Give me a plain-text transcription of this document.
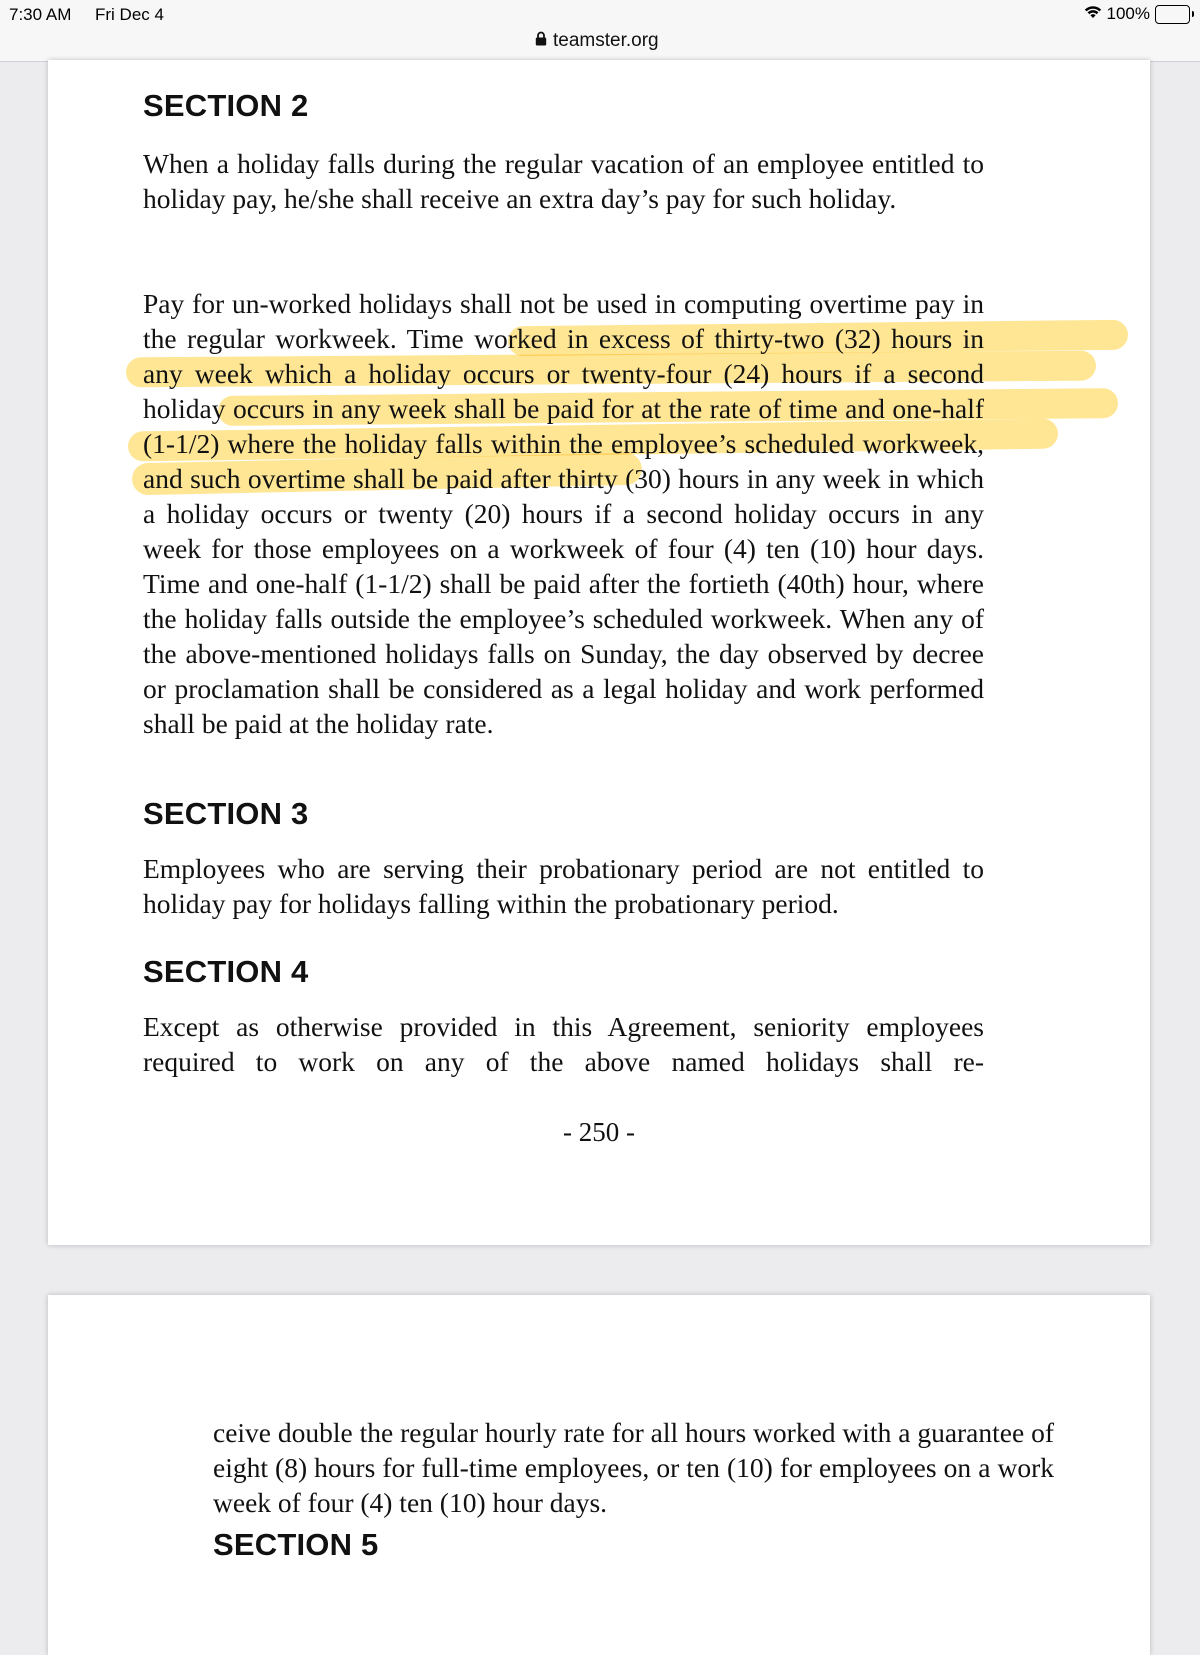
7:30 AM Fri Dec 4	100%
teamster.org
SECTION 2

When a holiday falls during the regular vacation of an employee entitled to holiday pay, he/she shall receive an extra day’s pay for such holiday.

Pay for un-worked holidays shall not be used in computing overtime pay in the regular workweek. Time worked in excess of thirty-two (32) hours in any week which a holiday occurs or twenty-four (24) hours if a second holiday occurs in any week shall be paid for at the rate of time and one-half (1-1/2) where the holiday falls within the employee’s scheduled workweek, and such overtime shall be paid after thirty (30) hours in any week in which a holiday occurs or twenty (20) hours if a second holiday occurs in any week for those employees on a workweek of four (4) ten (10) hour days. Time and one-half (1-1/2) shall be paid after the fortieth (40th) hour, where the holiday falls outside the employee’s scheduled workweek. When any of the above-mentioned holidays falls on Sunday, the day observed by decree or proclamation shall be considered as a legal holiday and work performed shall be paid at the holiday rate.

SECTION 3

Employees who are serving their probationary period are not entitled to holiday pay for holidays falling within the probationary period.

SECTION 4

Except as otherwise provided in this Agreement, seniority employees required to work on any of the above named holidays shall re-

- 250 -

ceive double the regular hourly rate for all hours worked with a guarantee of eight (8) hours for full-time employees, or ten (10) for employees on a work week of four (4) ten (10) hour days.

SECTION 5
